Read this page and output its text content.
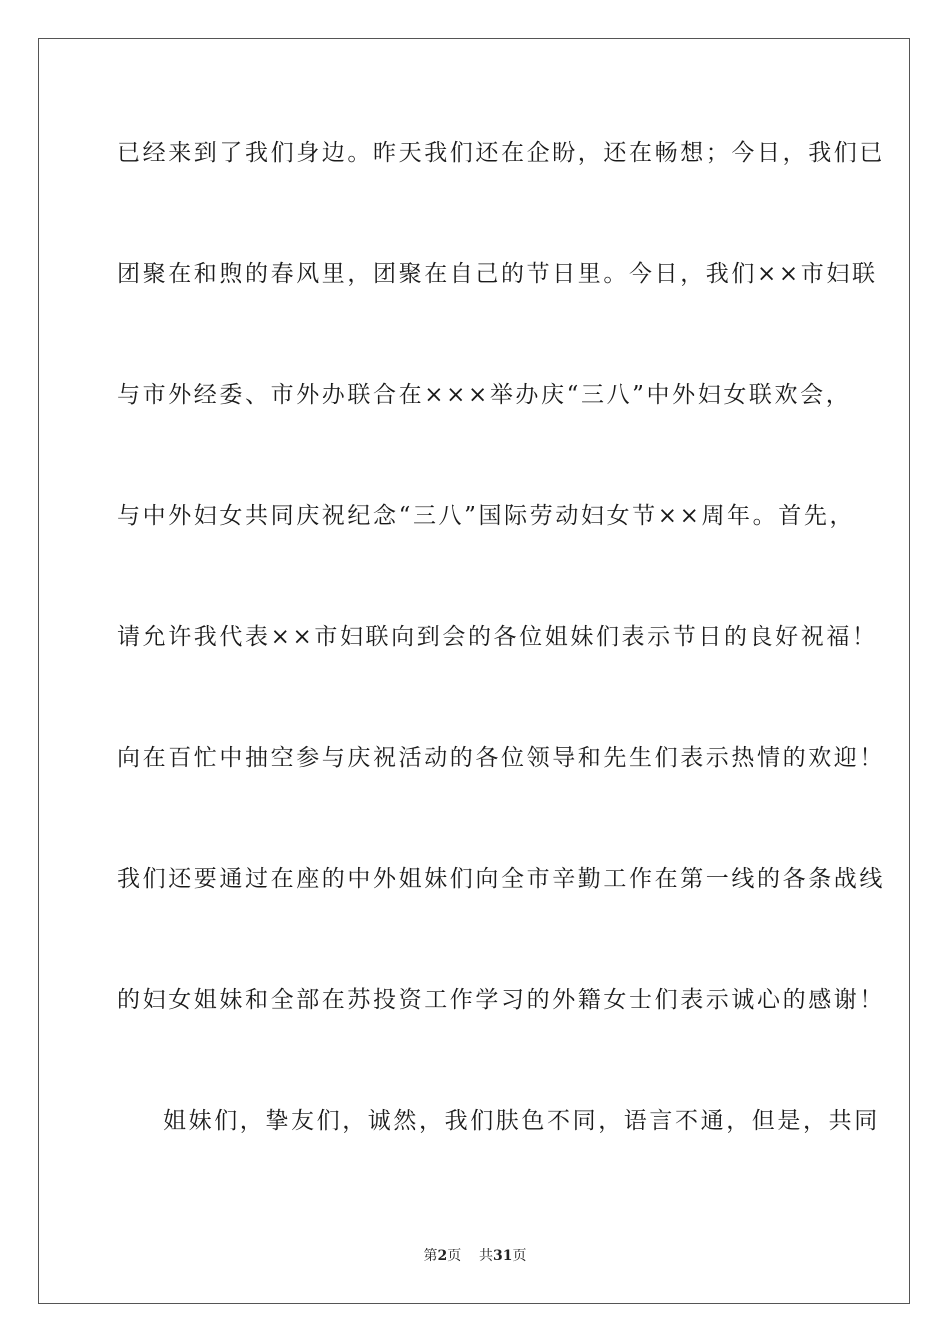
已经来到了我们身边。昨天我们还在企盼，还在畅想；今日，我们已
团聚在和煦的春风里，团聚在自己的节日里。今日，我们××市妇联
与市外经委、市外办联合在×××举办庆“三八”中外妇女联欢会，
与中外妇女共同庆祝纪念“三八”国际劳动妇女节××周年。首先，
请允许我代表××市妇联向到会的各位姐妹们表示节日的良好祝福！
向在百忙中抽空参与庆祝活动的各位领导和先生们表示热情的欢迎！
我们还要通过在座的中外姐妹们向全市辛勤工作在第一线的各条战线
的妇女姐妹和全部在苏投资工作学习的外籍女士们表示诚心的感谢！
姐妹们，挚友们，诚然，我们肤色不同，语言不通，但是，共同
第2页 共31页
